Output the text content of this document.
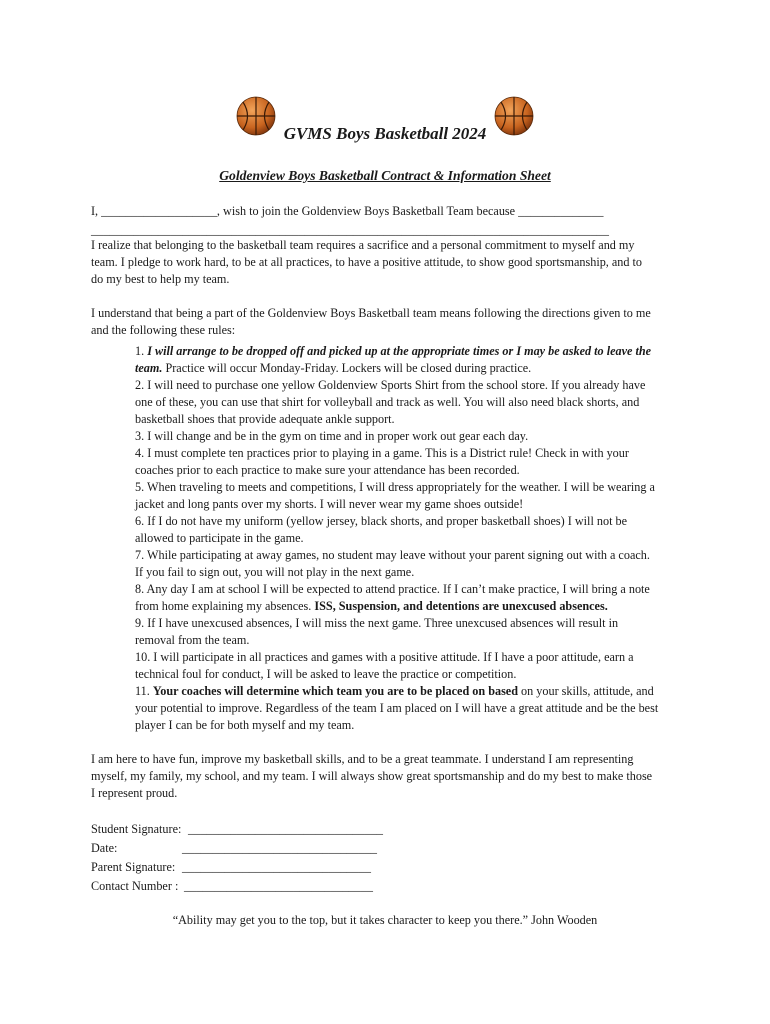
GVMS Boys Basketball 2024
Goldenview Boys Basketball Contract & Information Sheet
I, ___________________, wish to join the Goldenview Boys Basketball Team because ______________
_____________________________________________________________________________________
I realize that belonging to the basketball team requires a sacrifice and a personal commitment to myself and my
team. I pledge to work hard, to be at all practices, to have a positive attitude, to show good sportsmanship, and to
do my best to help my team.
I understand that being a part of the Goldenview Boys Basketball team means following the directions given to me
and the following these rules:
1. I will arrange to be dropped off and picked up at the appropriate times or I may be asked to leave the
team. Practice will occur Monday-Friday. Lockers will be closed during practice.
2. I will need to purchase one yellow Goldenview Sports Shirt from the school store. If you already have
one of these, you can use that shirt for volleyball and track as well. You will also need black shorts, and
basketball shoes that provide adequate ankle support.
3. I will change and be in the gym on time and in proper work out gear each day.
4. I must complete ten practices prior to playing in a game. This is a District rule! Check in with your
coaches prior to each practice to make sure your attendance has been recorded.
5. When traveling to meets and competitions, I will dress appropriately for the weather. I will be wearing a
jacket and long pants over my shorts. I will never wear my game shoes outside!
6. If I do not have my uniform (yellow jersey, black shorts, and proper basketball shoes) I will not be
allowed to participate in the game.
7. While participating at away games, no student may leave without your parent signing out with a coach.
If you fail to sign out, you will not play in the next game.
8. Any day I am at school I will be expected to attend practice. If I can’t make practice, I will bring a note
from home explaining my absences. ISS, Suspension, and detentions are unexcused absences.
9. If I have unexcused absences, I will miss the next game. Three unexcused absences will result in
removal from the team.
10. I will participate in all practices and games with a positive attitude. If I have a poor attitude, earn a
technical foul for conduct, I will be asked to leave the practice or competition.
11. Your coaches will determine which team you are to be placed on based on your skills, attitude, and
your potential to improve. Regardless of the team I am placed on I will have a great attitude and be the best
player I can be for both myself and my team.
I am here to have fun, improve my basketball skills, and to be a great teammate. I understand I am representing
myself, my family, my school, and my team. I will always show great sportsmanship and do my best to make those
I represent proud.
Student Signature: ________________________________
Date:	________________________________
Parent Signature: _______________________________
Contact Number : _______________________________
“Ability may get you to the top, but it takes character to keep you there.” John Wooden
